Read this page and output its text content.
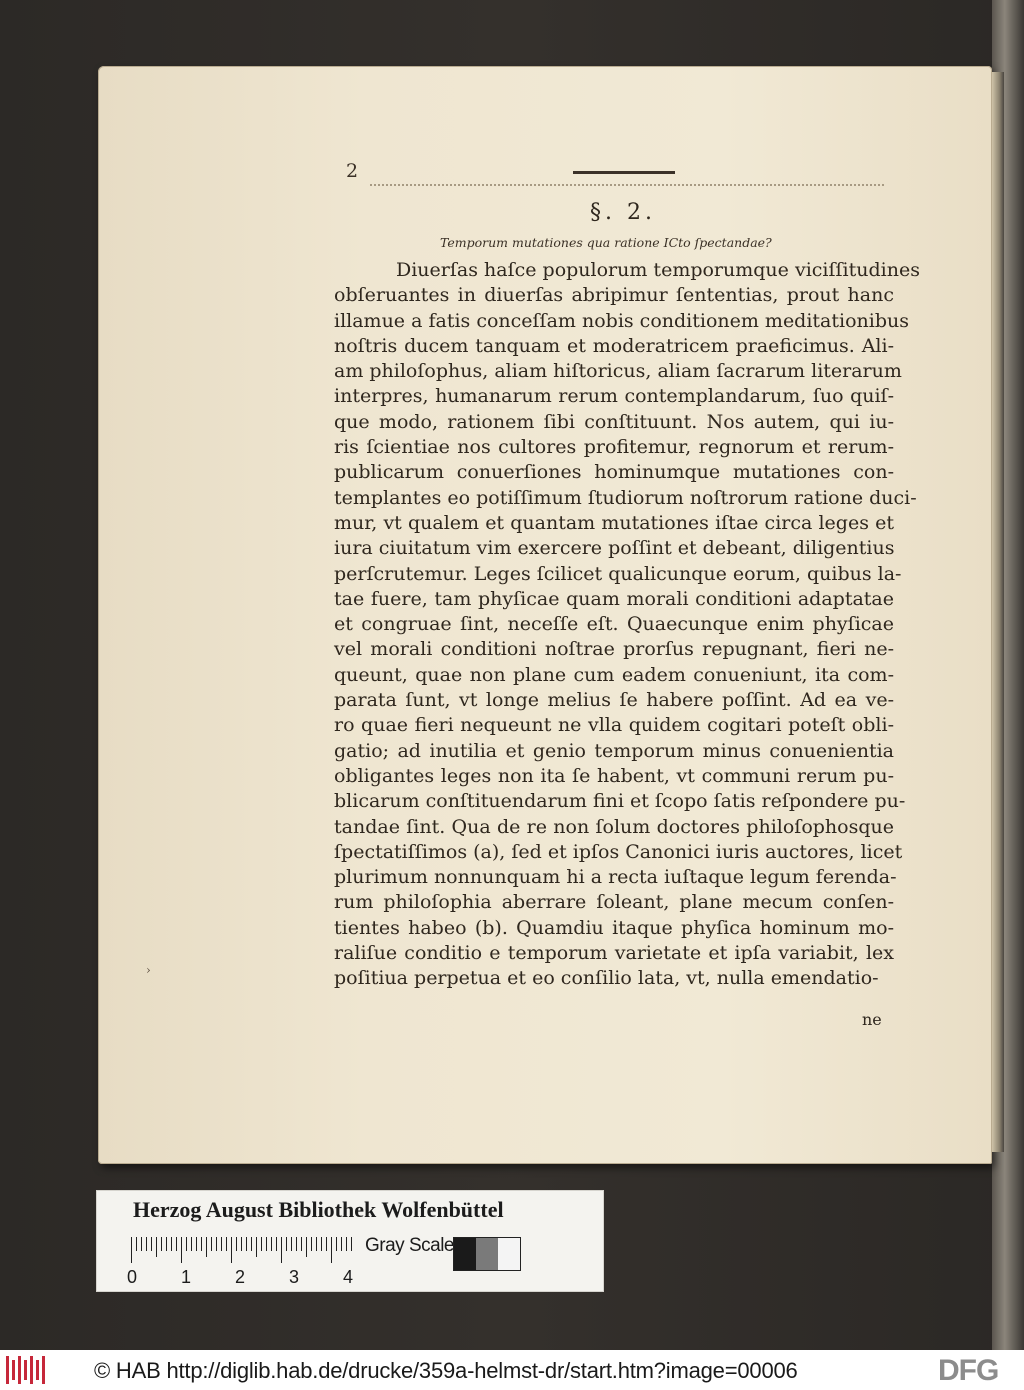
2
§. 2.
Temporum mutationes qua ratione ICto ſpectandae?
Diuerſas haſce populorum temporumque viciſſitudines
obſeruantes in diuerſas abripimur ſententias, prout hanc
illamue a fatis conceſſam nobis conditionem meditationibus
noſtris ducem tanquam et moderatricem praeficimus. Ali-
am philoſophus, aliam hiſtoricus, aliam ſacrarum literarum
interpres, humanarum rerum contemplandarum, ſuo quiſ-
que modo, rationem ſibi conſtituunt. Nos autem, qui iu-
ris ſcientiae nos cultores profitemur, regnorum et rerum-
publicarum conuerſiones hominumque mutationes con-
templantes eo potiſſimum ſtudiorum noſtrorum ratione duci-
mur, vt qualem et quantam mutationes iſtae circa leges et
iura ciuitatum vim exercere poſſint et debeant, diligentius
perſcrutemur. Leges ſcilicet qualicunque eorum, quibus la-
tae fuere, tam phyſicae quam morali conditioni adaptatae
et congruae ſint, neceſſe eſt. Quaecunque enim phyſicae
vel morali conditioni noſtrae prorſus repugnant, fieri ne-
queunt, quae non plane cum eadem conueniunt, ita com-
parata ſunt, vt longe melius ſe habere poſſint. Ad ea ve-
ro quae fieri nequeunt ne vlla quidem cogitari poteſt obli-
gatio; ad inutilia et genio temporum minus conuenientia
obligantes leges non ita ſe habent, vt communi rerum pu-
blicarum conſtituendarum fini et ſcopo ſatis reſpondere pu-
tandae ſint. Qua de re non ſolum doctores philoſophosque
ſpectatiſſimos (a), ſed et ipſos Canonici iuris auctores, licet
plurimum nonnunquam hi a recta iuſtaque legum ferenda-
rum philoſophia aberrare ſoleant, plane mecum conſen-
tientes habeo (b). Quamdiu itaque phyſica hominum mo-
raliſue conditio e temporum varietate et ipſa variabit, lex
poſitiua perpetua et eo conſilio lata, vt, nulla emendatio-
ne
›
Herzog August Bibliothek Wolfenbüttel
0 1 2 3 4
Gray Scale
© HAB http://diglib.hab.de/drucke/359a-helmst-dr/start.htm?image=00006	DFG
